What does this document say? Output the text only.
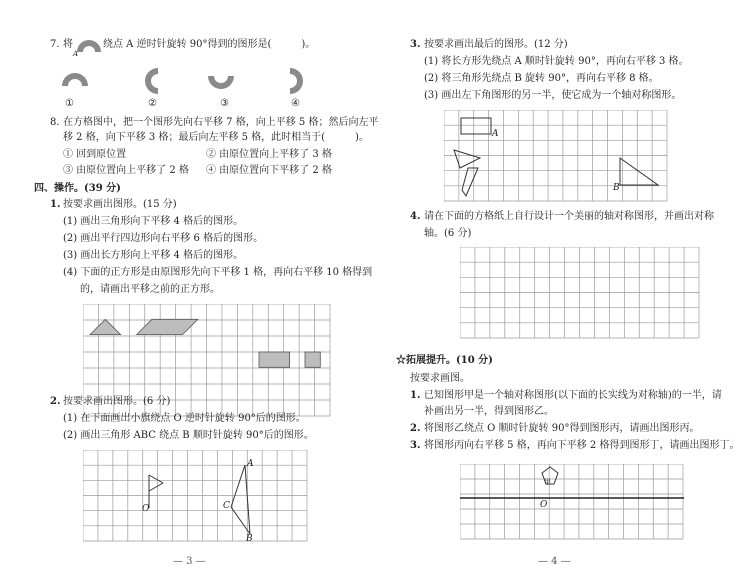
7. 将
A
绕点 A 逆时针旋转 90°得到的图形是(　　　)。
①	②	③	④
8. 在方格图中，把一个图形先向右平移 7 格，向上平移 5 格；然后向左平
移 2 格，向下平移 3 格；最后向左平移 5 格，此时相当于(　　　)。
① 回到原位置	② 由原位置向上平移了 3 格
③ 由原位置向上平移了 2 格 ④ 由原位置向下平移了 2 格
四、操作。(39 分)
1. 按要求画出图形。(15 分)
(1) 画出三角形向下平移 4 格后的图形。
(2) 画出平行四边形向右平移 6 格后的图形。
(3) 画出长方形向上平移 4 格后的图形。
(4) 下面的正方形是由原图形先向下平移 1 格，再向右平移 10 格得到
的，请画出平移之前的正方形。
2. 按要求画出图形。(6 分)
(1) 在下面画出小旗绕点 O 逆时针旋转 90°后的图形。
(2) 画出三角形 ABC 绕点 B 顺时针旋转 90°后的图形。
O
A
C
B
— 3 —
3. 按要求画出最后的图形。(12 分)
(1) 将长方形先绕点 A 顺时针旋转 90°，再向右平移 3 格。
(2) 将三角形先绕点 B 旋转 90°，再向右平移 8 格。
(3) 画出左下角图形的另一半，使它成为一个轴对称图形。
A
B
4. 请在下面的方格纸上自行设计一个美丽的轴对称图形，并画出对称
轴。(6 分)
☆拓展提升。(10 分)
按要求画图。
1. 已知图形甲是一个轴对称图形(以下面的长实线为对称轴)的一半，请
补画出另一半，得到图形乙。
2. 将图形乙绕点 O 顺时针旋转 90°得到图形丙，请画出图形丙。
3. 将图形丙向右平移 5 格，再向下平移 2 格得到图形丁，请画出图形丁。
甲
O
— 4 —
